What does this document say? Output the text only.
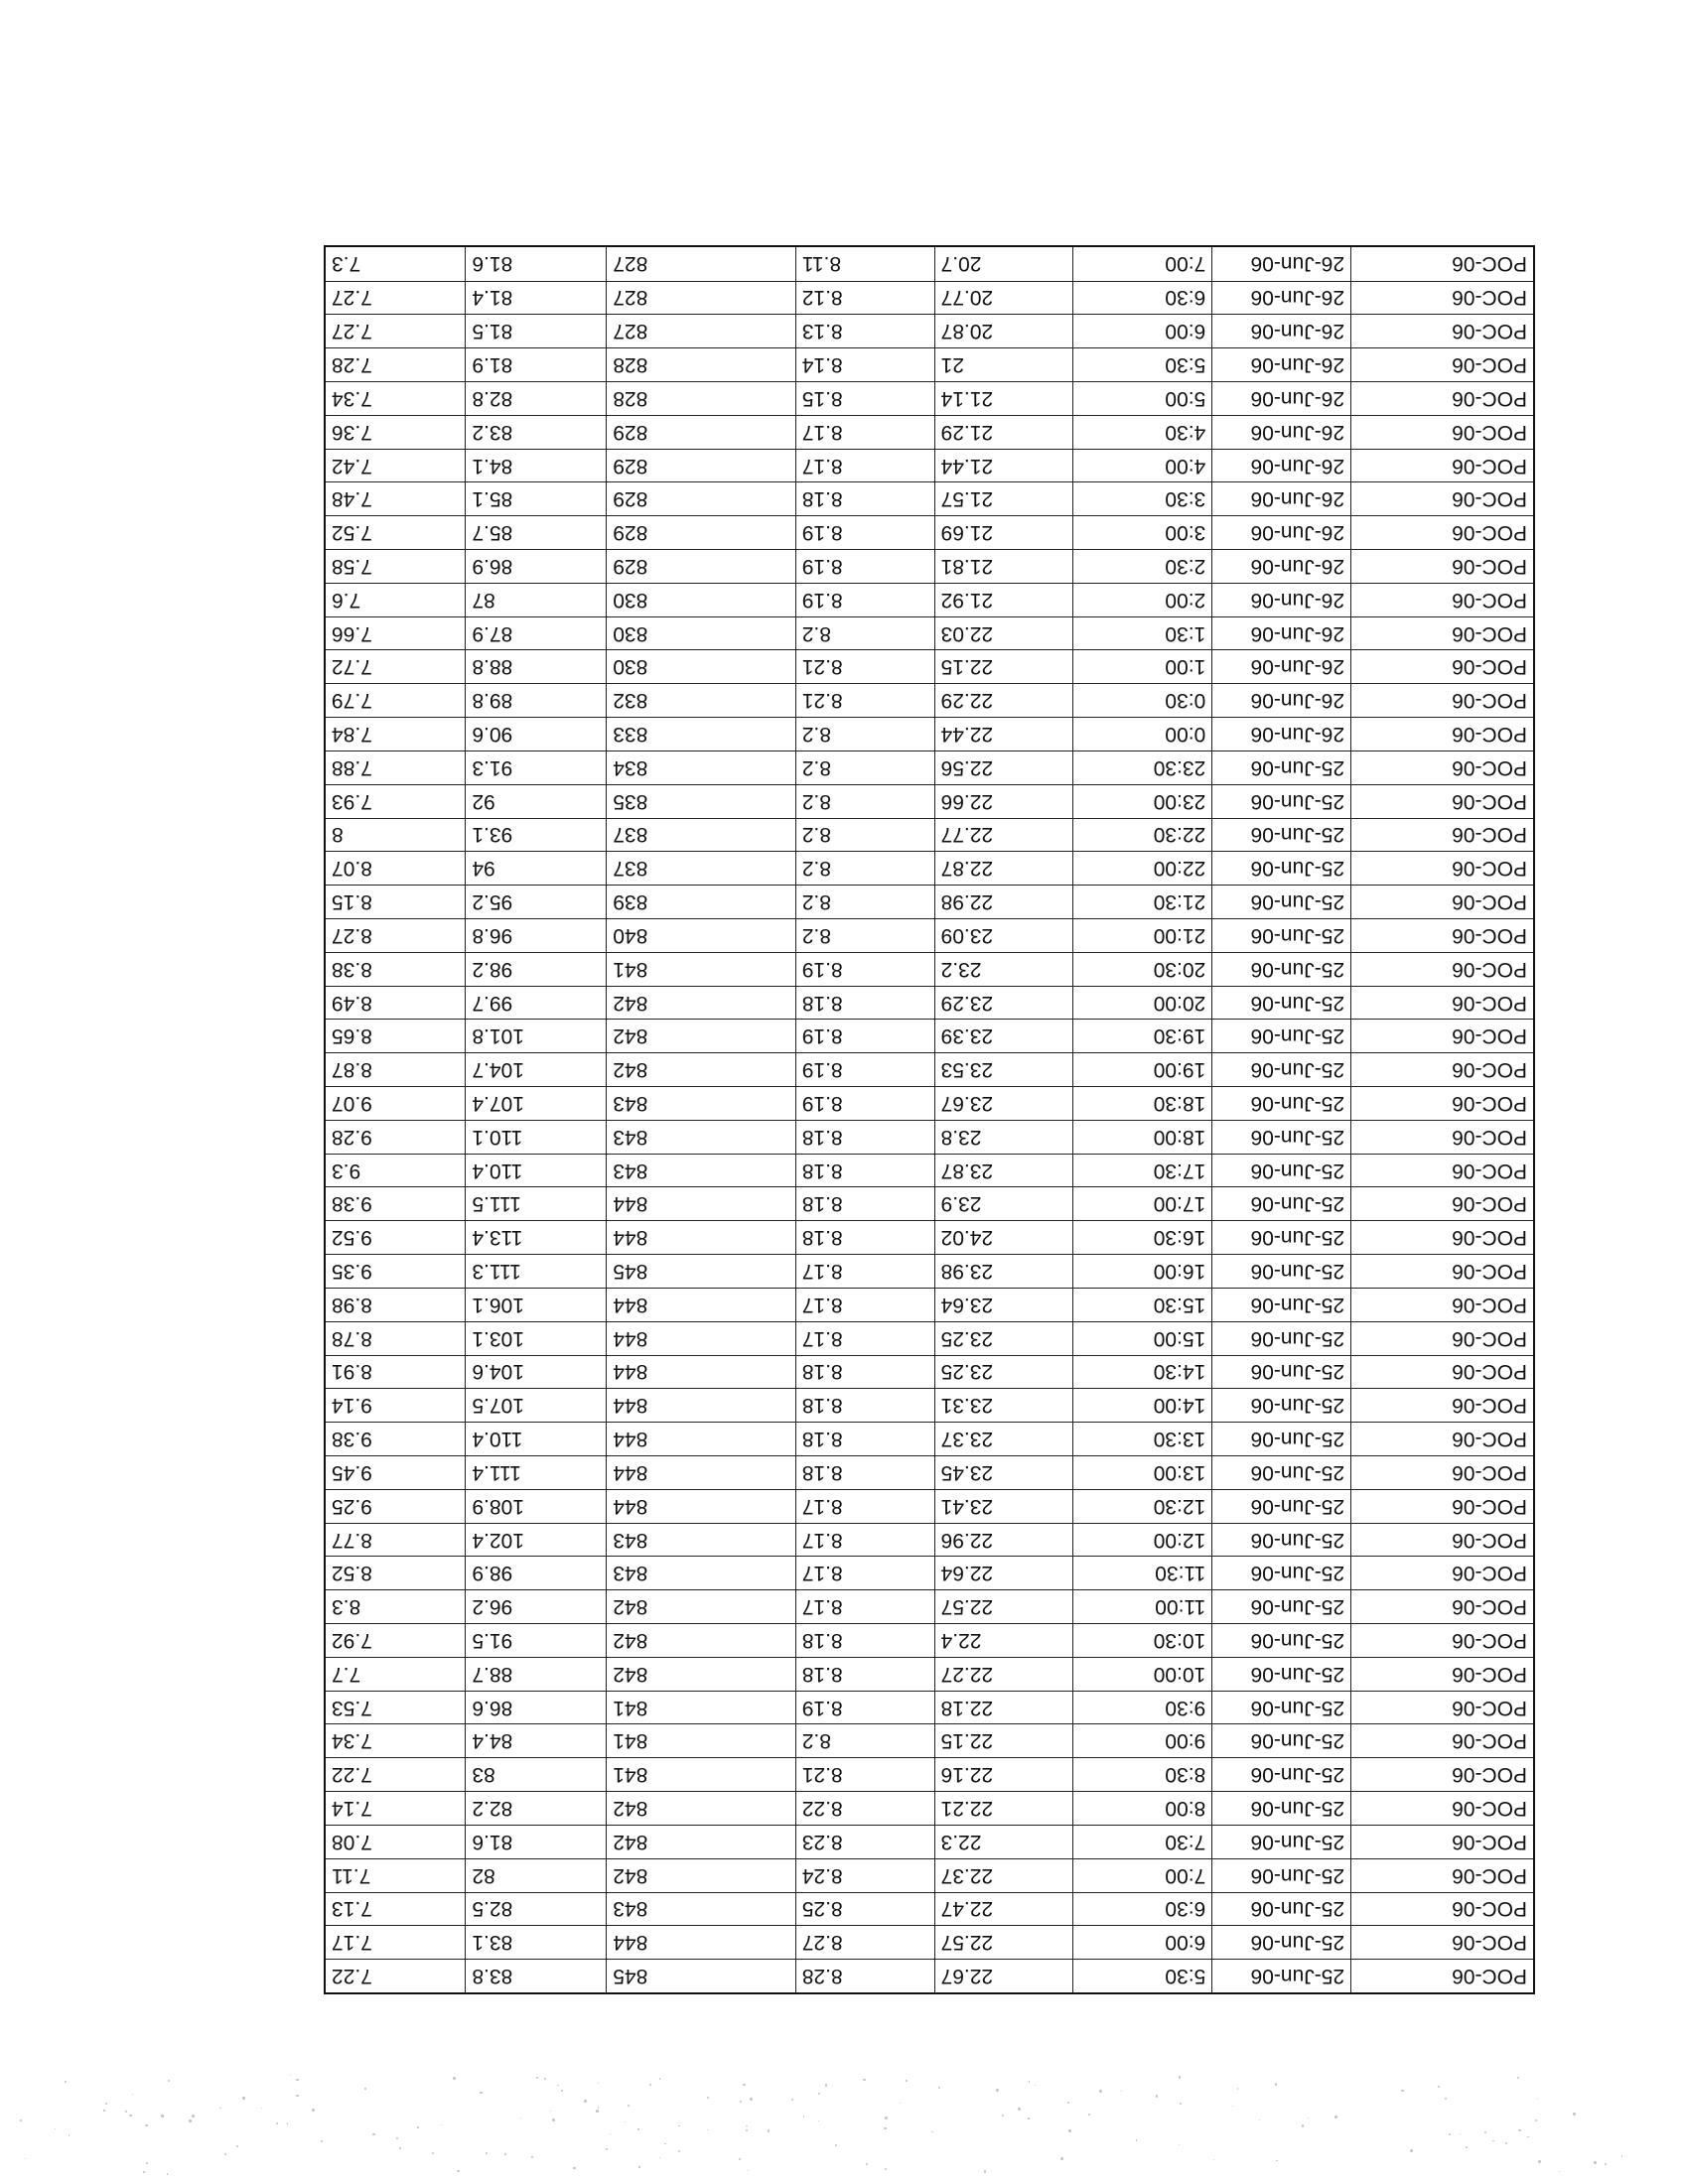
POC-06	25-Jun-06	5:30	22.67	8.28	845	83.8	7.22
POC-06	25-Jun-06	6:00	22.57	8.27	844	83.1	7.17
POC-06	25-Jun-06	6:30	22.47	8.25	843	82.5	7.13
POC-06	25-Jun-06	7:00	22.37	8.24	842	82	7.11
POC-06	25-Jun-06	7:30	22.3	8.23	842	81.6	7.08
POC-06	25-Jun-06	8:00	22.21	8.22	842	82.2	7.14
POC-06	25-Jun-06	8:30	22.16	8.21	841	83	7.22
POC-06	25-Jun-06	9:00	22.15	8.2	841	84.4	7.34
POC-06	25-Jun-06	9:30	22.18	8.19	841	86.6	7.53
POC-06	25-Jun-06	10:00	22.27	8.18	842	88.7	7.7
POC-06	25-Jun-06	10:30	22.4	8.18	842	91.5	7.92
POC-06	25-Jun-06	11:00	22.57	8.17	842	96.2	8.3
POC-06	25-Jun-06	11:30	22.64	8.17	843	98.9	8.52
POC-06	25-Jun-06	12:00	22.96	8.17	843	102.4	8.77
POC-06	25-Jun-06	12:30	23.41	8.17	844	108.9	9.25
POC-06	25-Jun-06	13:00	23.45	8.18	844	111.4	9.45
POC-06	25-Jun-06	13:30	23.37	8.18	844	110.4	9.38
POC-06	25-Jun-06	14:00	23.31	8.18	844	107.5	9.14
POC-06	25-Jun-06	14:30	23.25	8.18	844	104.6	8.91
POC-06	25-Jun-06	15:00	23.25	8.17	844	103.1	8.78
POC-06	25-Jun-06	15:30	23.64	8.17	844	106.1	8.98
POC-06	25-Jun-06	16:00	23.98	8.17	845	111.3	9.35
POC-06	25-Jun-06	16:30	24.02	8.18	844	113.4	9.52
POC-06	25-Jun-06	17:00	23.9	8.18	844	111.5	9.38
POC-06	25-Jun-06	17:30	23.87	8.18	843	110.4	9.3
POC-06	25-Jun-06	18:00	23.8	8.18	843	110.1	9.28
POC-06	25-Jun-06	18:30	23.67	8.19	843	107.4	9.07
POC-06	25-Jun-06	19:00	23.53	8.19	842	104.7	8.87
POC-06	25-Jun-06	19:30	23.39	8.19	842	101.8	8.65
POC-06	25-Jun-06	20:00	23.29	8.18	842	99.7	8.49
POC-06	25-Jun-06	20:30	23.2	8.19	841	98.2	8.38
POC-06	25-Jun-06	21:00	23.09	8.2	840	96.8	8.27
POC-06	25-Jun-06	21:30	22.98	8.2	839	95.2	8.15
POC-06	25-Jun-06	22:00	22.87	8.2	837	94	8.07
POC-06	25-Jun-06	22:30	22.77	8.2	837	93.1	8
POC-06	25-Jun-06	23:00	22.66	8.2	835	92	7.93
POC-06	25-Jun-06	23:30	22.56	8.2	834	91.3	7.88
POC-06	26-Jun-06	0:00	22.44	8.2	833	90.6	7.84
POC-06	26-Jun-06	0:30	22.29	8.21	832	89.8	7.79
POC-06	26-Jun-06	1:00	22.15	8.21	830	88.8	7.72
POC-06	26-Jun-06	1:30	22.03	8.2	830	87.9	7.66
POC-06	26-Jun-06	2:00	21.92	8.19	830	87	7.6
POC-06	26-Jun-06	2:30	21.81	8.19	829	86.9	7.58
POC-06	26-Jun-06	3:00	21.69	8.19	829	85.7	7.52
POC-06	26-Jun-06	3:30	21.57	8.18	829	85.1	7.48
POC-06	26-Jun-06	4:00	21.44	8.17	829	84.1	7.42
POC-06	26-Jun-06	4:30	21.29	8.17	829	83.2	7.36
POC-06	26-Jun-06	5:00	21.14	8.15	828	82.8	7.34
POC-06	26-Jun-06	5:30	21	8.14	828	81.9	7.28
POC-06	26-Jun-06	6:00	20.87	8.13	827	81.5	7.27
POC-06	26-Jun-06	6:30	20.77	8.12	827	81.4	7.27
POC-06	26-Jun-06	7:00	20.7	8.11	827	81.6	7.3
